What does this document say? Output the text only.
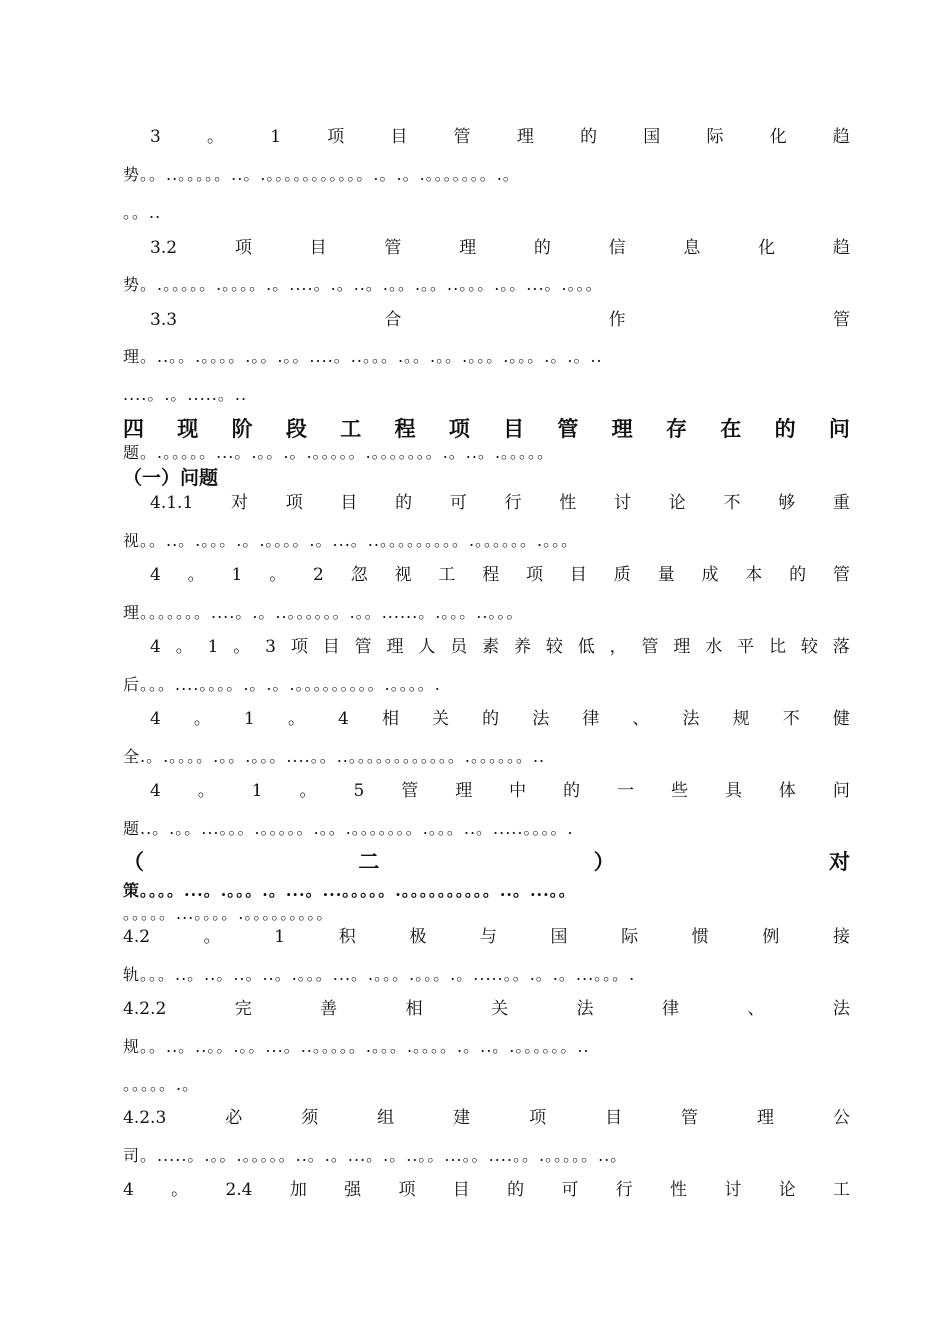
3	。	1	项	目	管	理	的	国	际	化	趋
势。。..。。。。。..。.。。。。。。。。。。。.。.。.。。。。。。。.。
。。..
3.2	项	目	管	理	的	信	息	化	趋
势。.。。。。。.。。。。.。....。.。..。.。。.。。..。。。.。。...。.。。。
3.3	合	作	管
理。..。。.。。。。.。。.。。....。..。。。.。。.。。.。。。.。。。.。.。..
....。.。.....。..
四 现 阶 段 工 程 项 目 管 理 存 在 的 问
题。.。。。。。...。.。。.。.。。。。。.。。。。。。。.。..。.。。。。。
（一）问题
4.1.1 对 项 目 的 可 行 性 讨 论 不 够 重
视。。..。.。。。.。.。。。。.。...。..。。。。。。。。。.。。。。。。.。。。
4 。 1 。 2 忽 视 工 程 项 目 质 量 成 本 的 管
理。。。。。。。....。.。..。。。。。。.。。......。.。。。..。。。
4 。 1 。 3 项 目 管 理 人 员 素 养 较 低 ， 管 理 水 平 比 较 落
后。。。....。。。。.。.。.。。。。。。。。。.。。。。.
4 。 1 。 4 相 关 的 法 律 、 法 规 不 健
全.。.。。。。.。。.。。。....。。..。。。。。。。。。。。。.。。。。。。..
4 。 1 。 5 管 理 中 的 一 些 具 体 问
题..。.。。...。。。.。。。。。.。。.。。。。。。。.。。。..。.....。。。。.
（	二	）	对
策。。。。...。.。。。.。...。...。。。。。.。。。。。。。。。。..。...。。
。。。。。...。。。。.。。。。。。。。。
4.2	。	1	积	极	与	国	际	惯	例	接
轨。。。..。..。..。..。.。。。...。.。。。.。。。.。.....。。.。.。...。。。.
4.2.2	完	善	相	关	法	律	、	法
规。。..。..。。.。。...。..。。。。。.。。。.。。。。.。..。.。。。。。。..
。。。。。.。
4.2.3	必	须	组	建	项	目	管	理	公
司。.....。.。。.。。。。。..。.。...。.。..。。...。。....。。.。。。。。..。
4 。 2.4 加 强 项 目 的 可 行 性 讨 论 工
